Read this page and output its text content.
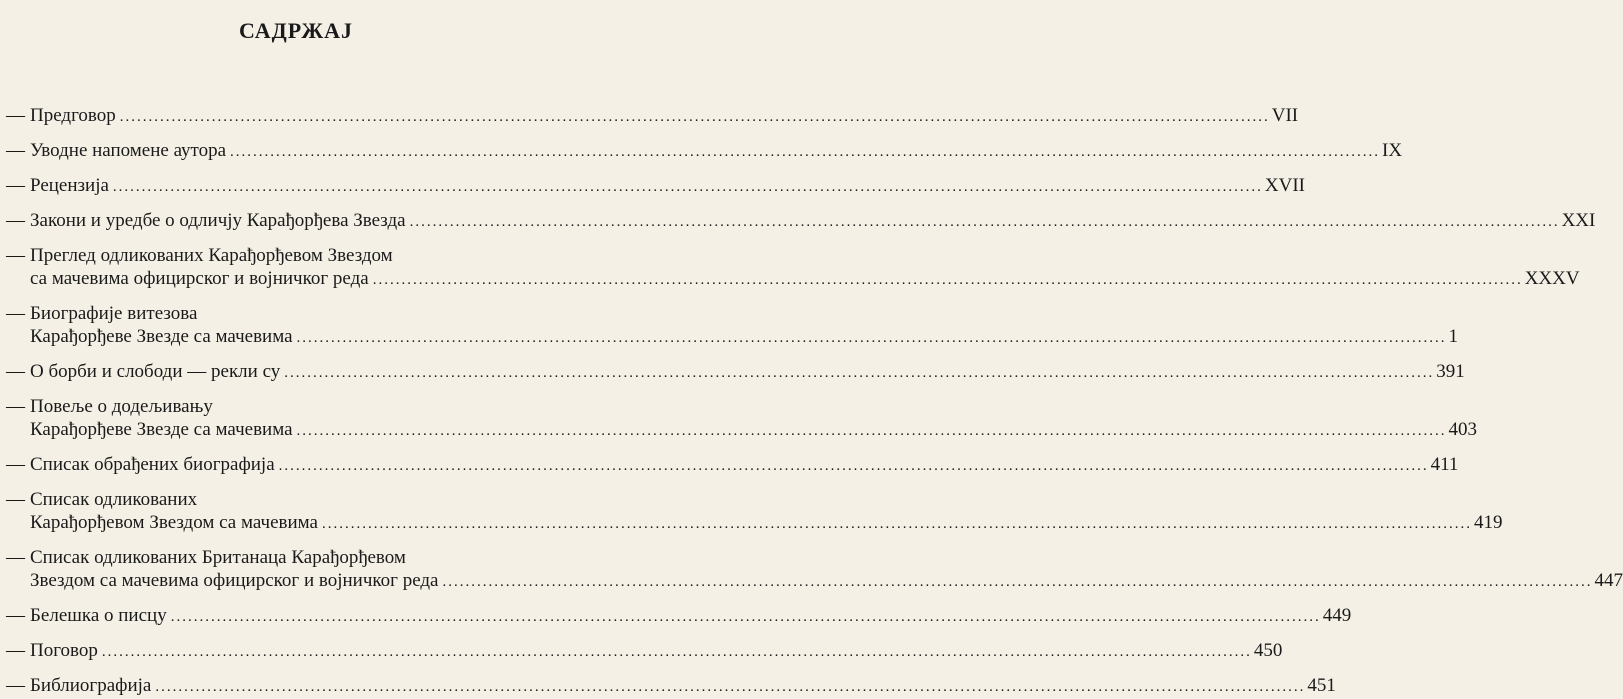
САДРЖАЈ
— Предговор ........................................................................................................................................................................................................ VII
— Уводне напомене аутора ........................................................................................................................................................................................................ IX
— Рецензија ........................................................................................................................................................................................................ XVII
— Закони и уредбе о одличју Карађорђева Звезда ........................................................................................................................................................................................................ XXI
— Преглед одликованих Карађорђевом Звездом
са мачевима официрског и војничког реда ........................................................................................................................................................................................................ XXXV
— Биографије витезова
Карађорђеве Звезде са мачевима ........................................................................................................................................................................................................ 1
— О борби и слободи — рекли су ........................................................................................................................................................................................................ 391
— Повеље о додељивању
Карађорђеве Звезде са мачевима ........................................................................................................................................................................................................ 403
— Списак обрађених биографија ........................................................................................................................................................................................................ 411
— Списак одликованих
Карађорђевом Звездом са мачевима ........................................................................................................................................................................................................ 419
— Списак одликованих Британаца Карађорђевом
Звездом са мачевима официрског и војничког реда ........................................................................................................................................................................................................ 447
— Белешка о писцу ........................................................................................................................................................................................................ 449
— Поговор ........................................................................................................................................................................................................ 450
— Библиографија ........................................................................................................................................................................................................ 451
